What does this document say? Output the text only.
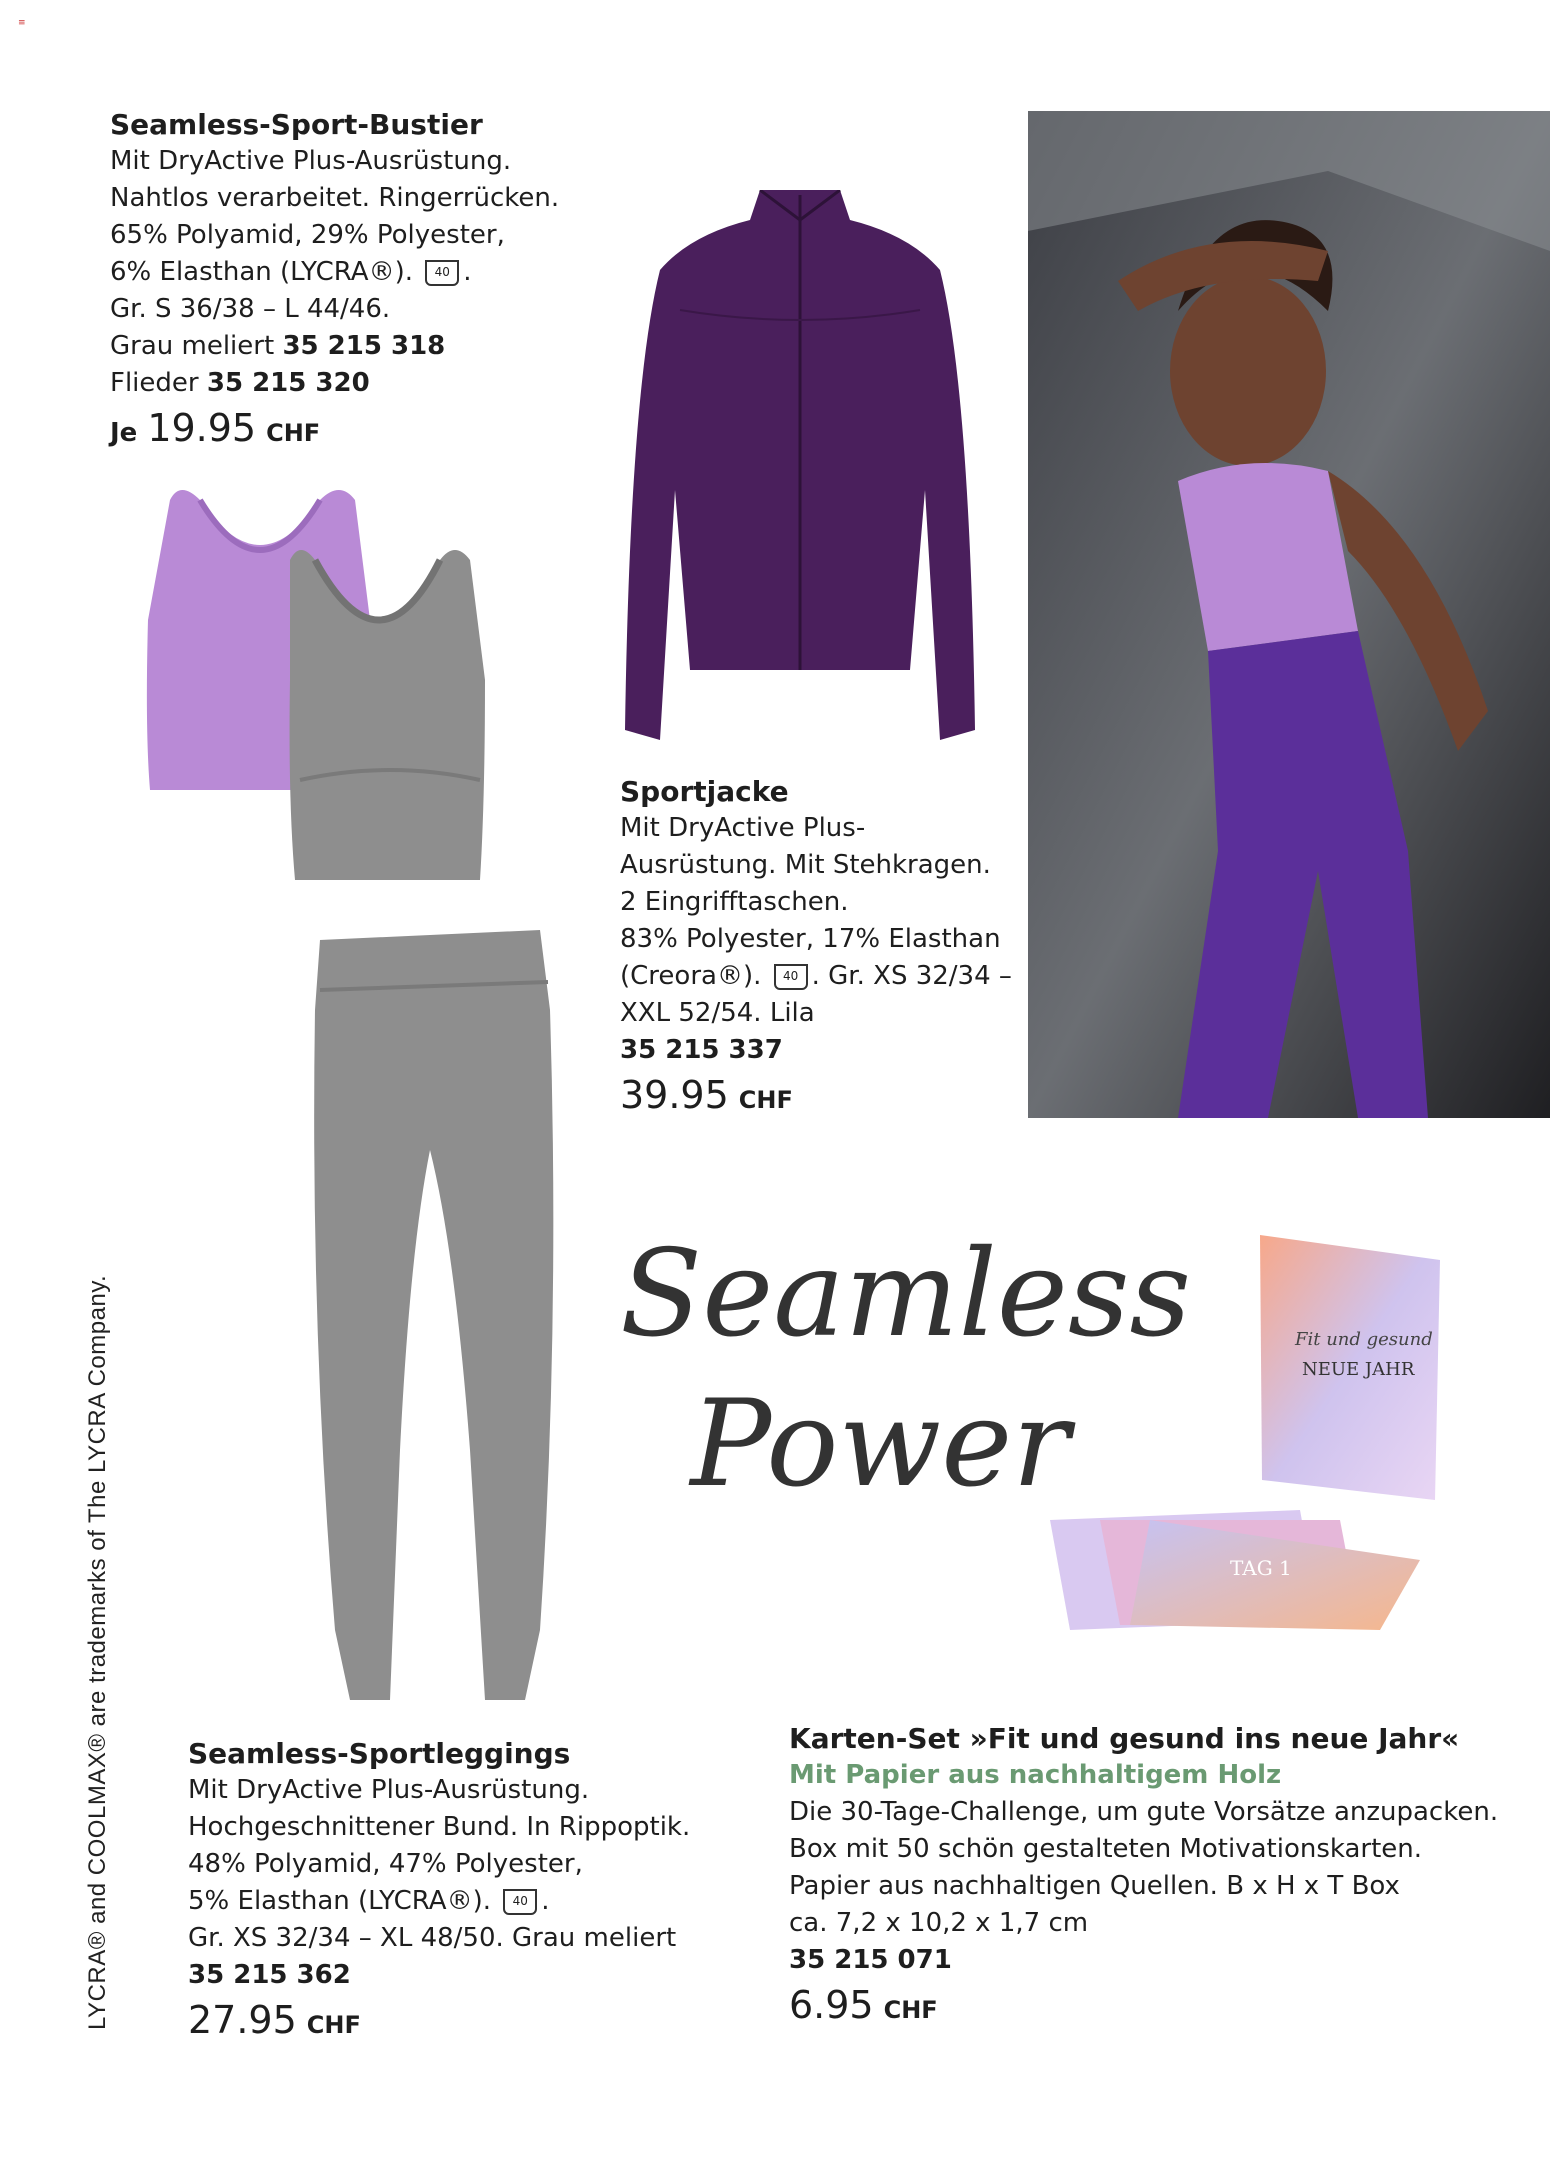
≡
Seamless-Sport-Bustier
Mit DryActive Plus-Ausrüstung.
Nahtlos verarbeitet. Ringerrücken.
65% Polyamid, 29% Polyester,
6% Elasthan (LYCRA®). 40 .
Gr. S 36/38 – L 44/46.
Grau meliert 35 215 318
Flieder 35 215 320
Je 19.95 CHF
Sportjacke
Mit DryActive Plus-
Ausrüstung. Mit Stehkragen.
2 Eingrifftaschen.
83% Polyester, 17% Elasthan
(Creora®). 40 . Gr. XS 32/34 –
XXL 52/54. Lila
35 215 337
39.95 CHF
Seamless
Power
Fit und gesund
NEUE JAHR
TAG 1
Seamless-Sportleggings
Mit DryActive Plus-Ausrüstung.
Hochgeschnittener Bund. In Rippoptik.
48% Polyamid, 47% Polyester,
5% Elasthan (LYCRA®). 40 .
Gr. XS 32/34 – XL 48/50. Grau meliert
35 215 362
27.95 CHF
Karten-Set »Fit und gesund ins neue Jahr«
Mit Papier aus nachhaltigem Holz
Die 30-Tage-Challenge, um gute Vorsätze anzupacken.
Box mit 50 schön gestalteten Motivationskarten.
Papier aus nachhaltigen Quellen. B x H x T Box
ca. 7,2 x 10,2 x 1,7 cm
35 215 071
6.95 CHF
LYCRA® and COOLMAX® are trademarks of The LYCRA Company.
